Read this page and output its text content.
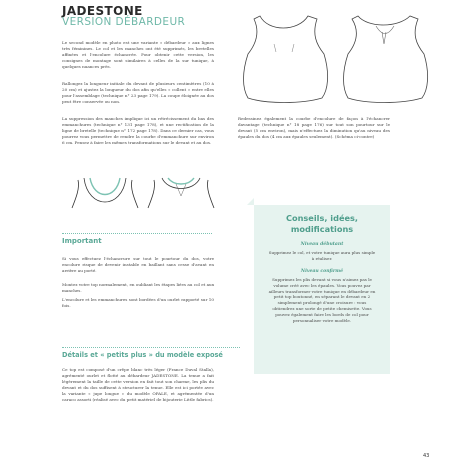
JADESTONE
VERSION DÉBARDEUR
Le second modèle en photo est une variante « débardeur » aux lignes très féminines. Le col et les manches ont été supprimés, les bretelles affinées et l'encolure échancrée. Pour obtenir cette version, les consignes de montage sont similaires à celles de la sur tunique, à quelques nuances près.
Rallongez la longueur initiale du devant de plusieurs centimètres (10 à 20 cm) et ajustez la longueur du dos afin qu'elles « collent » entre elles pour l'assemblage (technique n° 23 page 179). La coupe éloignée au dos peut être conservée ou non.
La suppression des manches implique ici un rétrécissement du bas des emmanchures (technique n° 131 page 178), et une rectification de la ligne de bretelle (technique n° 172 page 178). Dans ce dernier cas, vous pourrez vous permettre de rendre la courbe d'emmanchure sur environ 6 cm. Pensez à faire les mêmes transformations sur le devant et au dos.
Redessinez également la courbe d'encolure de façon à l'échancrer davantage (technique n° 18 page 176) sur tout son pourtour sur le devant (5 cm environ), mais n'effectuez la diminution qu'au niveau des épaules du dos (4 cm aux épaules seulement). (Schéma ci-contre)
Important
Si vous effectuez l'échancrure sur tout le pourtour du dos, votre encolure risque de devenir instable en baillant sans cesse d'avant en arrière au porté.
Montez votre top normalement, en oubliant les étapes liées au col et aux manches.
L'encolure et les emmanchures sont bordées d'un ourlet rapporté sur 10 fois.
Détails et « petits plus » du modèle exposé
Ce top est composé d'un crêpe blanc très léger (France Duval Stalla), agrémenté ourlet et flotté au débardeur JADESTONE. La tenue a fait légèrement la taille de cette version en fait tout son charme, les plis du devant et du dos suffisent à structurer la tenue. Elle est ici portée avec la variante « jupe longue » du modèle OPALE, et agrémentée d'un caraco assorti (réalisé avec du petit matériel de bijouterie Little fabrics).
Conseils, idées,
modifications
Niveau débutant
Supprimez le col, et votre tunique aura plus simple à réaliser.
Niveau confirmé
Supprimez les plis devant si vous n'aimez pas le volume créé avec les épaules. Vous pouvez par ailleurs transformer votre tunique en débardeur en petit top boutonné, en séparant le devant en 2 simplement prolongé d'une croisure : vous obtiendrez une sorte de petite chemisette. Vous pouvez également faire les bords de col pour personnaliser votre modèle.
43
